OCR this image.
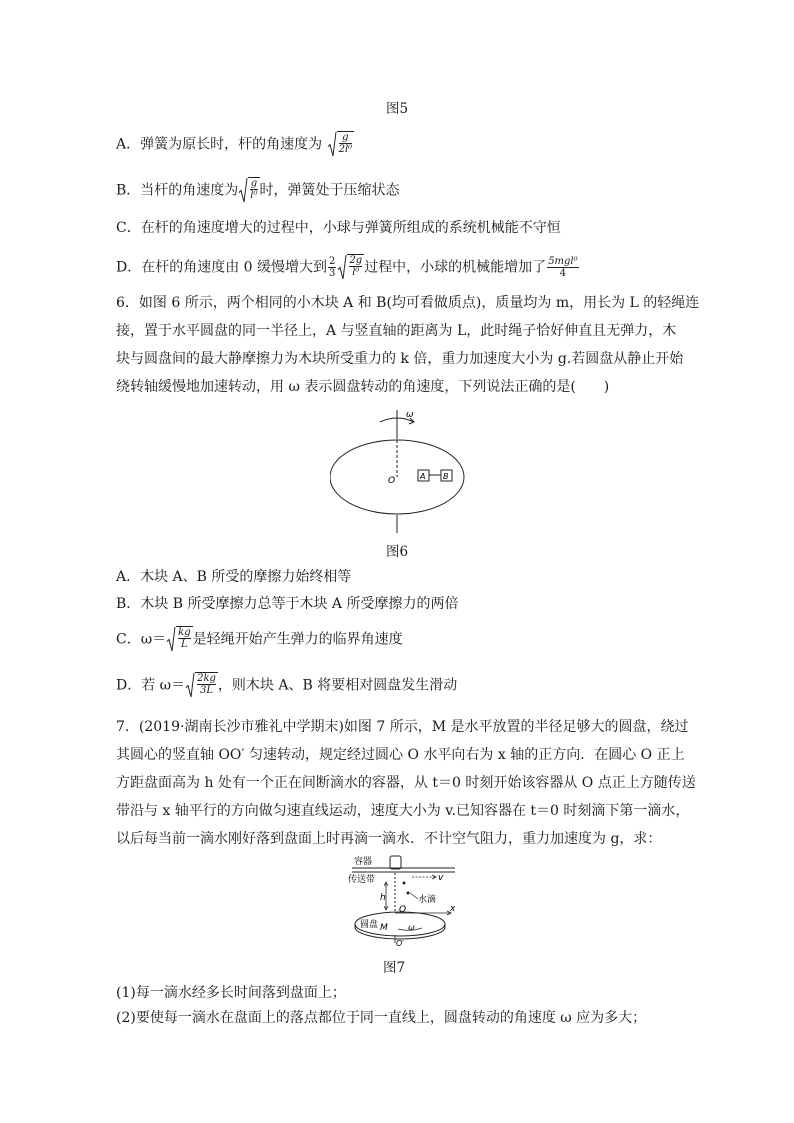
图5
A．弹簧为原长时，杆的角速度为 $\frac{g}{\text{2l⁰}}$
B．当杆的角速度为 $\frac{g}{\text{l⁰}}$ 时，弹簧处于压缩状态
C．在杆的角速度增大的过程中，小球与弹簧所组成的系统机械能不守恒
D．在杆的角速度由 0 缓慢增大到 $\frac{2}{3} \frac{2g}{\text{l⁰}}$ 过程中，小球的机械能增加了 $\frac{\text{5mgl⁰}}{4}$
6．如图 6 所示，两个相同的小木块 A 和 B(均可看做质点)，质量均为 m，用长为 L 的轻绳连
接，置于水平圆盘的同一半径上，A 与竖直轴的距离为 L，此时绳子恰好伸直且无弹力，木
块与圆盘间的最大静摩擦力为木块所受重力的 k 倍，重力加速度大小为 g.若圆盘从静止开始
绕转轴缓慢地加速转动，用 ω 表示圆盘转动的角速度，下列说法正确的是(　　)
ω
O	A B
图6
A．木块 A、B 所受的摩擦力始终相等
B．木块 B 所受摩擦力总等于木块 A 所受摩擦力的两倍
C．$\omega= \frac{kg}{L}$ 是轻绳开始产生弹力的临界角速度
D．若 $\omega= \frac{2kg}{3L}$ ，则木块 A、B 将要相对圆盘发生滑动
7．(2019·湖南长沙市雅礼中学期末)如图 7 所示，M 是水平放置的半径足够大的圆盘，绕过
其圆心的竖直轴 OO′ 匀速转动，规定经过圆心 O 水平向右为 x 轴的正方向．在圆心 O 正上
方距盘面高为 h 处有一个正在间断滴水的容器，从 t＝0 时刻开始该容器从 O 点正上方随传送
带沿与 x 轴平行的方向做匀速直线运动，速度大小为 v.已知容器在 t＝0 时刻滴下第一滴水，
以后每当前一滴水刚好落到盘面上时再滴一滴水．不计空气阻力，重力加速度为 g，求：
容器
传送带	v
h	水滴
x
O
圆盘 M	ω
O′
图7
(1)每一滴水经多长时间落到盘面上；
(2)要使每一滴水在盘面上的落点都位于同一直线上，圆盘转动的角速度 ω 应为多大；
